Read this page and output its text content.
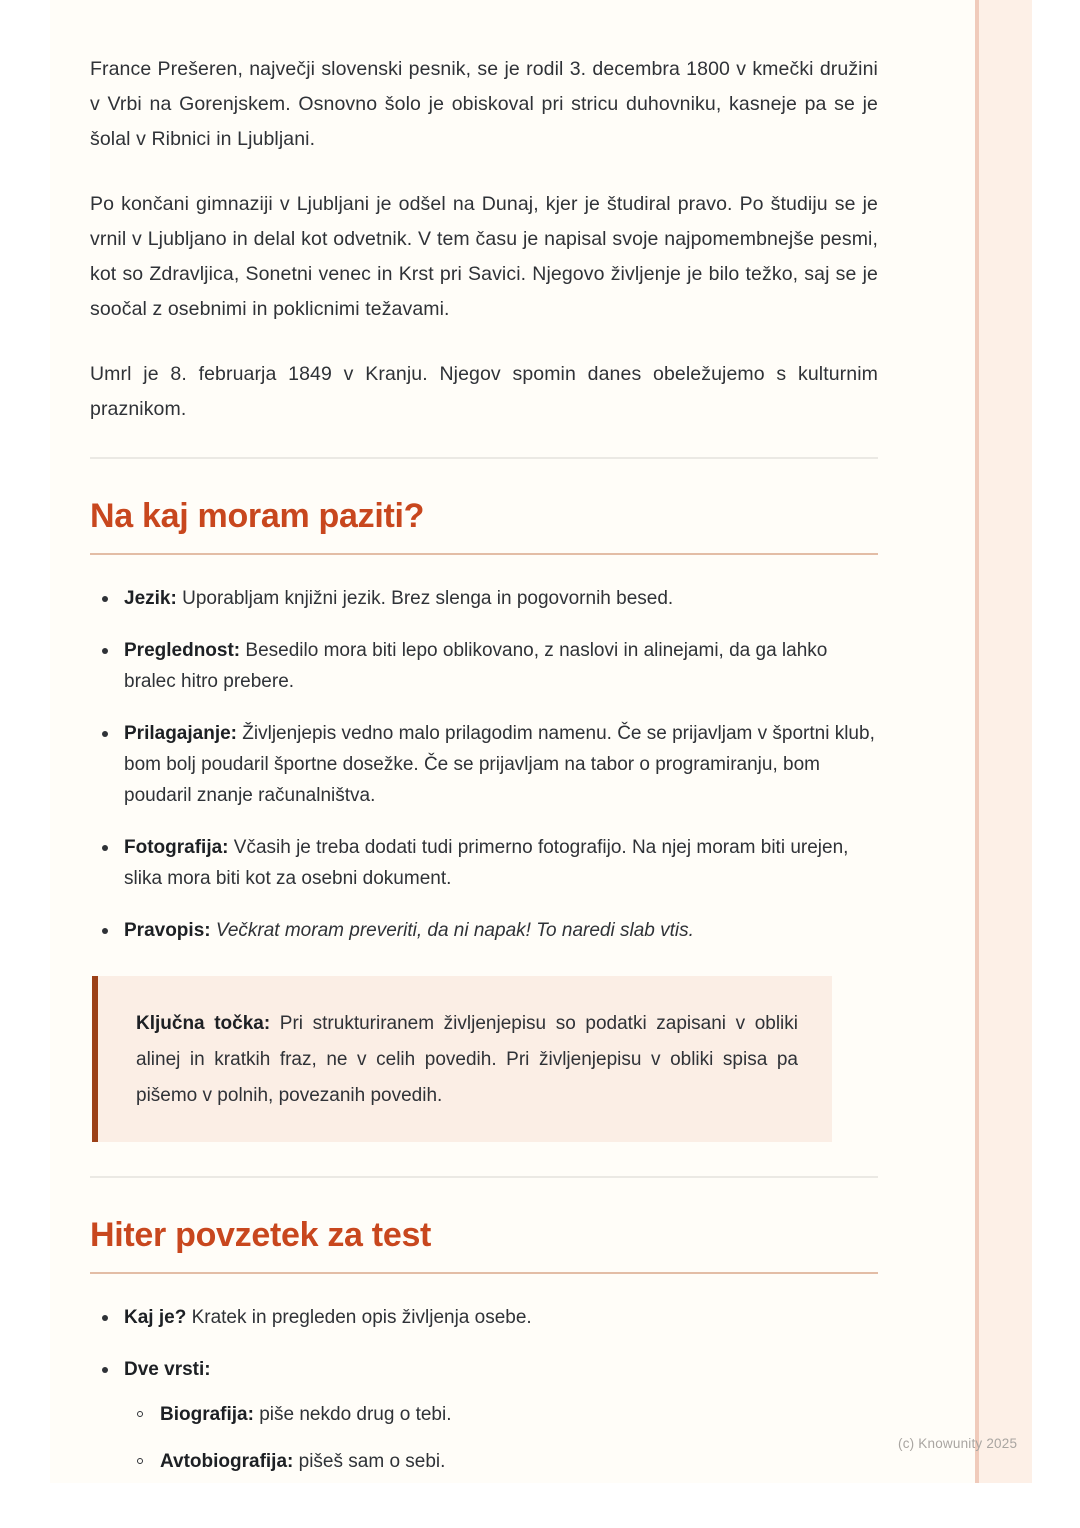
France Prešeren, največji slovenski pesnik, se je rodil 3. decembra 1800 v kmečki družini v Vrbi na Gorenjskem. Osnovno šolo je obiskoval pri stricu duhovniku, kasneje pa se je šolal v Ribnici in Ljubljani.

Po končani gimnaziji v Ljubljani je odšel na Dunaj, kjer je študiral pravo. Po študiju se je vrnil v Ljubljano in delal kot odvetnik. V tem času je napisal svoje najpomembnejše pesmi, kot so Zdravljica, Sonetni venec in Krst pri Savici. Njegovo življenje je bilo težko, saj se je soočal z osebnimi in poklicnimi težavami.

Umrl je 8. februarja 1849 v Kranju. Njegov spomin danes obeležujemo s kulturnim praznikom.

Na kaj moram paziti?
Jezik: Uporabljam knjižni jezik. Brez slenga in pogovornih besed.
Preglednost: Besedilo mora biti lepo oblikovano, z naslovi in alinejami, da ga lahko bralec hitro prebere.
Prilagajanje: Življenjepis vedno malo prilagodim namenu. Če se prijavljam v športni klub, bom bolj poudaril športne dosežke. Če se prijavljam na tabor o programiranju, bom poudaril znanje računalništva.
Fotografija: Včasih je treba dodati tudi primerno fotografijo. Na njej moram biti urejen, slika mora biti kot za osebni dokument.
Pravopis: Večkrat moram preveriti, da ni napak! To naredi slab vtis.

Ključna točka: Pri strukturiranem življenjepisu so podatki zapisani v obliki alinej in kratkih fraz, ne v celih povedih. Pri življenjepisu v obliki spisa pa pišemo v polnih, povezanih povedih.

Hiter povzetek za test
Kaj je? Kratek in pregleden opis življenja osebe.
Dve vrsti:
Biografija: piše nekdo drug o tebi.
Avtobiografija: pišeš sam o sebi.
(c) Knowunity 2025
